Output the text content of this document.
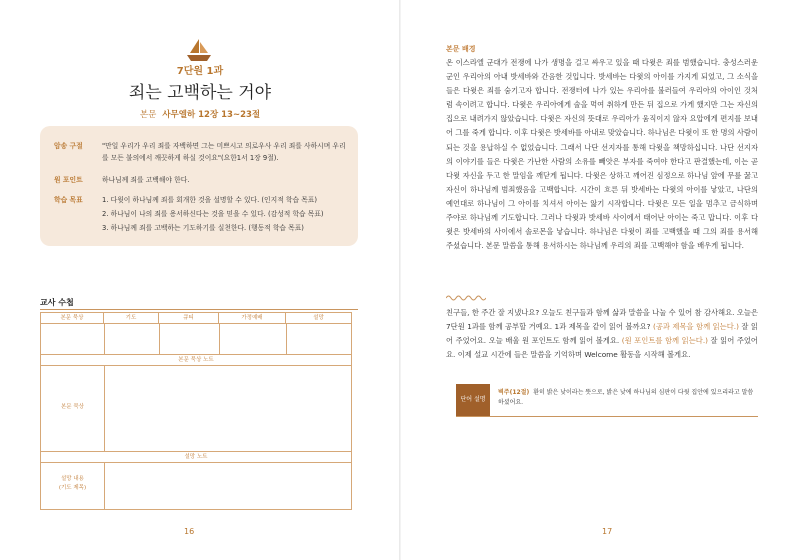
7단원 1과
죄는 고백하는 거야
본문 사무엘하 12장 13~23절
암송 구절	"만일 우리가 우리 죄를 자백하면 그는 미쁘시고 의로우사 우리 죄를 사하시며 우리를 모든 불의에서 깨끗하게 하실 것이요"(요한1서 1장 9절).
원 포인트	하나님께 죄를 고백해야 한다.
학습 목표	1. 다윗이 하나님께 죄를 회개한 것을 설명할 수 있다. (인지적 학습 목표)
2. 하나님이 나의 죄를 용서하신다는 것을 믿을 수 있다. (감성적 학습 목표)
3. 하나님께 죄를 고백하는 기도하기를 실천한다. (행동적 학습 목표)
교사 수첩
본문 묵상	기도	큐티	가정예배	설망
본문 묵상 노트
본문 묵상
설망 노트
설망 내용
(기도 제목)
16
본문 배경
온 이스라엘 군대가 전쟁에 나가 생명을 걸고 싸우고 있을 때 다윗은 죄를 범했습니다. 충성스러운 군인 우리아의 아내 밧세바와 간음한 것입니다. 밧세바는 다윗의 아이를 가지게 되었고, 그 소식을 들은 다윗은 죄를 숨기고자 합니다. 전쟁터에 나가 있는 우리아를 불러들여 우리아의 아이인 것처럼 속이려고 합니다. 다윗은 우리아에게 술을 먹여 취하게 만든 뒤 집으로 가게 했지만 그는 자신의 집으로 내려가지 않았습니다. 다윗은 자신의 뜻대로 우리아가 움직이지 않자 요압에게 편지를 보내어 그를 죽게 합니다. 이후 다윗은 밧세바를 아내로 맞았습니다. 하나님은 다윗이 또 한 명의 사람이 되는 것을 용납하실 수 없었습니다. 그래서 나단 선지자를 통해 다윗을 책망하십니다. 나단 선지자의 이야기를 들은 다윗은 가난한 사람의 소유를 빼앗은 부자를 죽여야 한다고 판결했는데, 이는 곧 다윗 자신을 두고 한 말임을 깨닫게 됩니다. 다윗은 상하고 깨어진 심정으로 하나님 앞에 무릎 꿇고 자신이 하나님께 범죄했음을 고백합니다. 시간이 흐른 뒤 밧세바는 다윗의 아이를 낳았고, 나단의 예언대로 하나님이 그 아이를 치셔서 아이는 앓기 시작합니다. 다윗은 모든 일을 멈추고 금식하며 주야로 하나님께 기도합니다. 그러나 다윗과 밧세바 사이에서 태어난 아이는 죽고 맙니다. 이후 다윗은 밧세바의 사이에서 솔로몬을 낳습니다. 하나님은 다윗이 죄를 고백했을 때 그의 죄를 용서해 주셨습니다. 본문 말씀을 통해 용서하시는 하나님께 우리의 죄를 고백해야 함을 배우게 됩니다.
친구들, 한 주간 잘 지냈나요? 오늘도 친구들과 함께 삶과 말씀을 나눌 수 있어 참 감사해요. 오늘은 7단원 1과를 함께 공부할 거예요. 1과 제목을 같이 읽어 볼까요? (공과 제목을 함께 읽는다.) 잘 읽어 주었어요. 오늘 배울 원 포인트도 함께 읽어 볼게요. (원 포인트를 함께 읽는다.) 잘 읽어 주었어요. 이제 설교 시간에 들은 말씀을 기억하며 Welcome 활동을 시작해 볼게요.
단어 설명
벽주(12절) 환히 밝은 낮이라는 뜻으로, 밝은 낮에 하나님의 심판이 다윗 집안에 있으리라고 말씀하셨어요.
17
